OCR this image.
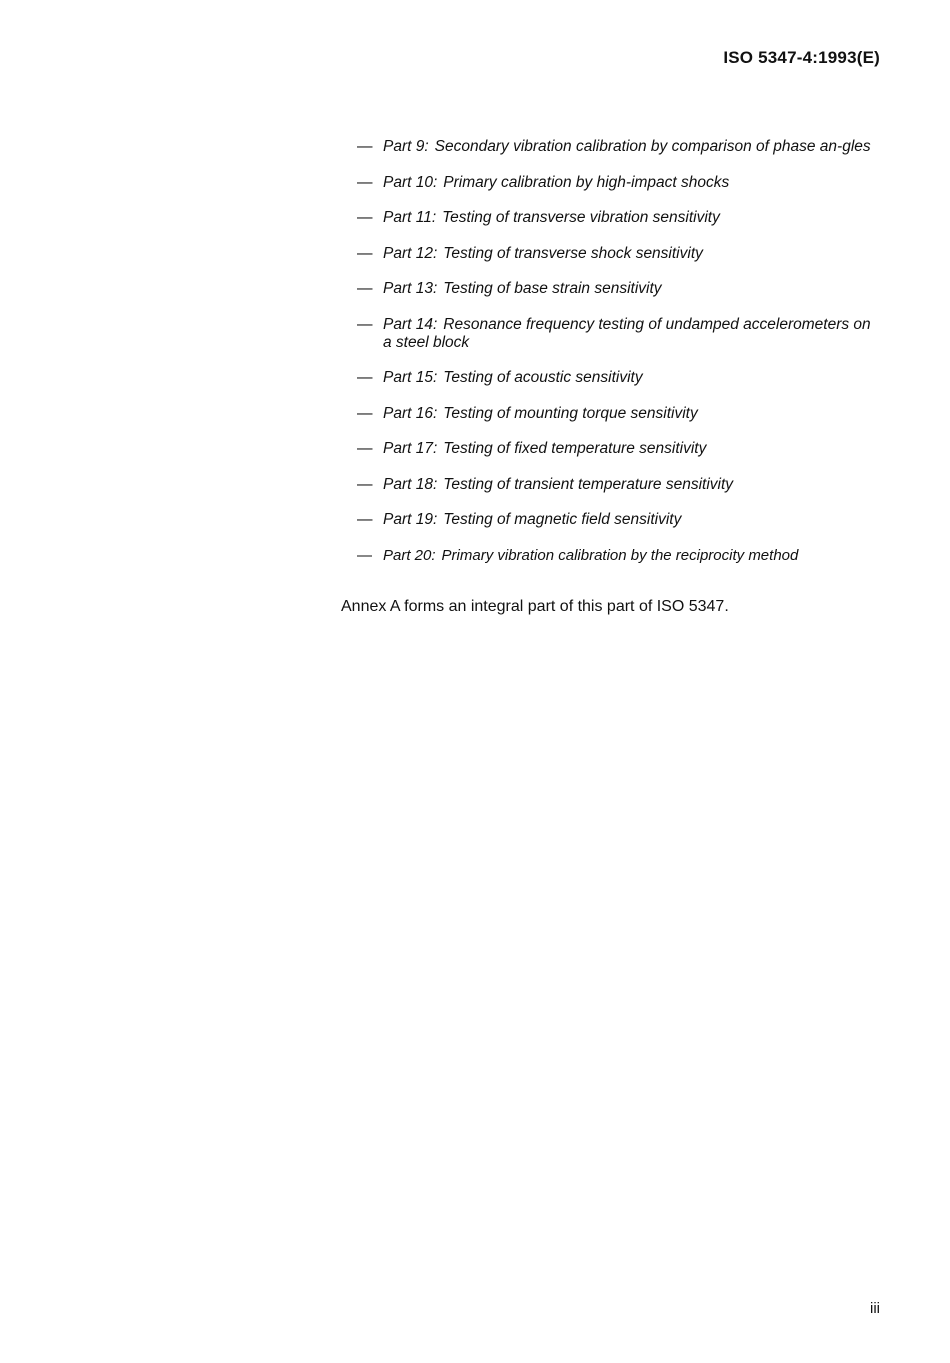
ISO 5347-4:1993(E)
— Part 9: Secondary vibration calibration by comparison of phase an-gles
— Part 10: Primary calibration by high-impact shocks
— Part 11: Testing of transverse vibration sensitivity
— Part 12: Testing of transverse shock sensitivity
— Part 13: Testing of base strain sensitivity
— Part 14: Resonance frequency testing of undamped accelerometers on a steel block
— Part 15: Testing of acoustic sensitivity
— Part 16: Testing of mounting torque sensitivity
— Part 17: Testing of fixed temperature sensitivity
— Part 18: Testing of transient temperature sensitivity
— Part 19: Testing of magnetic field sensitivity
— Part 20: Primary vibration calibration by the reciprocity method
Annex A forms an integral part of this part of ISO 5347.
iii
